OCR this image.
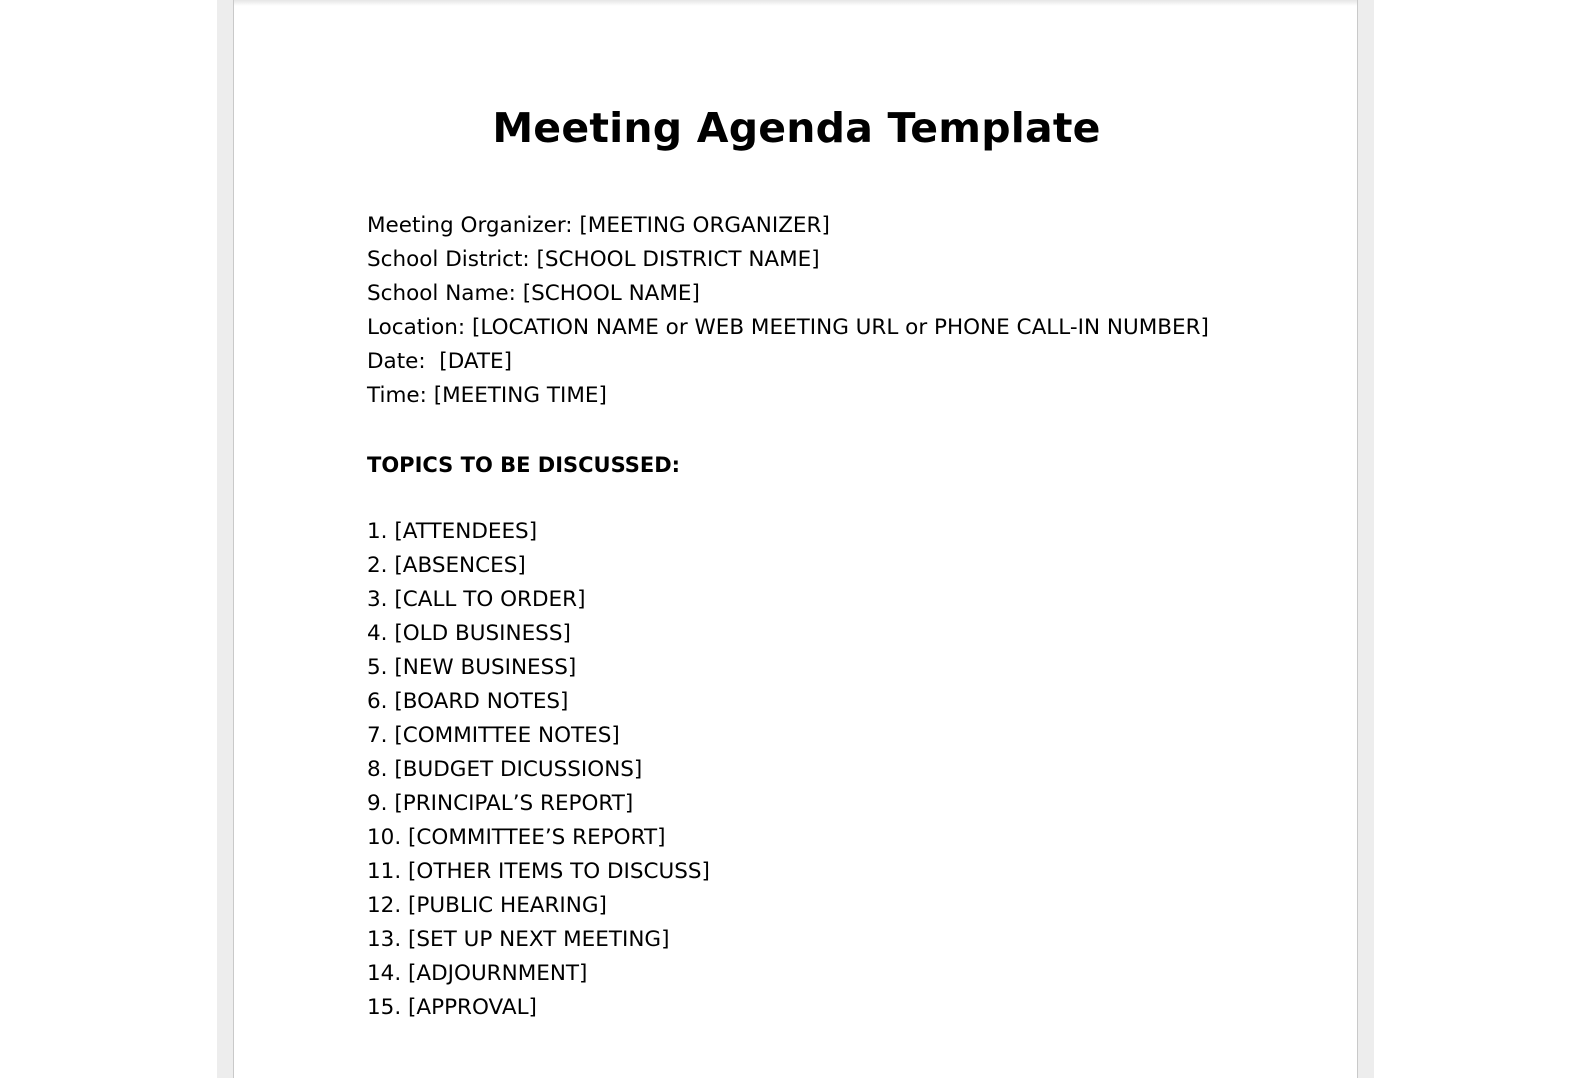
Meeting Agenda Template
Meeting Organizer: [MEETING ORGANIZER]
School District: [SCHOOL DISTRICT NAME]
School Name: [SCHOOL NAME]
Location: [LOCATION NAME or WEB MEETING URL or PHONE CALL-IN NUMBER]
Date:  [DATE]
Time: [MEETING TIME]
TOPICS TO BE DISCUSSED:
1. [ATTENDEES]
2. [ABSENCES]
3. [CALL TO ORDER]
4. [OLD BUSINESS]
5. [NEW BUSINESS]
6. [BOARD NOTES]
7. [COMMITTEE NOTES]
8. [BUDGET DICUSSIONS]
9. [PRINCIPAL’S REPORT]
10. [COMMITTEE’S REPORT]
11. [OTHER ITEMS TO DISCUSS]
12. [PUBLIC HEARING]
13. [SET UP NEXT MEETING]
14. [ADJOURNMENT]
15. [APPROVAL]
